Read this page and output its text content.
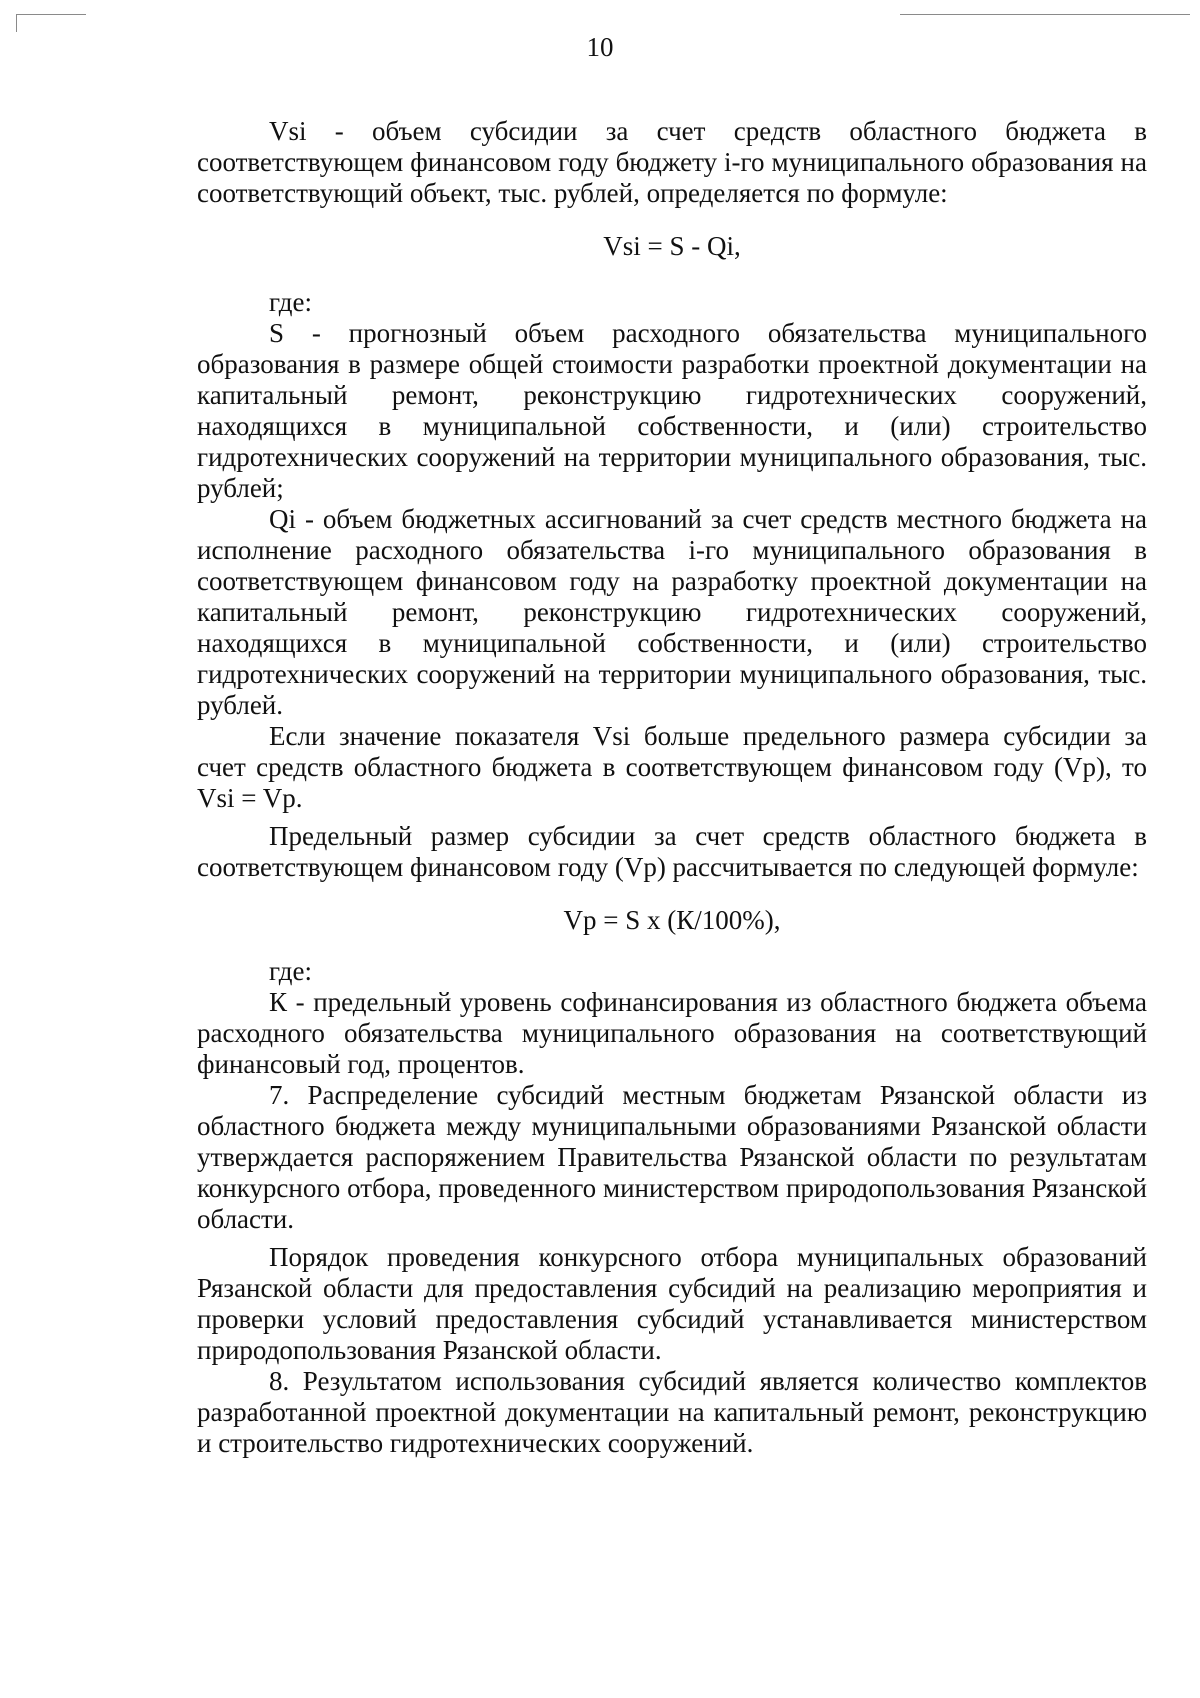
10

Vsi - объем субсидии за счет средств областного бюджета в соответствующем финансовом году бюджету i-го муниципального образования на соответствующий объект, тыс. рублей, определяется по формуле:

Vsi = S - Qi,

где:

S - прогнозный объем расходного обязательства муниципального образования в размере общей стоимости разработки проектной документации на капитальный ремонт, реконструкцию гидротехнических сооружений, находящихся в муниципальной собственности, и (или) строительство гидротехнических сооружений на территории муниципального образования, тыс. рублей;

Qi - объем бюджетных ассигнований за счет средств местного бюджета на исполнение расходного обязательства i-го муниципального образования в соответствующем финансовом году на разработку проектной документации на капитальный ремонт, реконструкцию гидротехнических сооружений, находящихся в муниципальной собственности, и (или) строительство гидротехнических сооружений на территории муниципального образования, тыс. рублей.

Если значение показателя Vsi больше предельного размера субсидии за счет средств областного бюджета в соответствующем финансовом году (Vp), то Vsi = Vp.

Предельный размер субсидии за счет средств областного бюджета в соответствующем финансовом году (Vp) рассчитывается по следующей формуле:

Vp = S x (К/100%),

где:

К - предельный уровень софинансирования из областного бюджета объема расходного обязательства муниципального образования на соответствующий финансовый год, процентов.

7. Распределение субсидий местным бюджетам Рязанской области из областного бюджета между муниципальными образованиями Рязанской области утверждается распоряжением Правительства Рязанской области по результатам конкурсного отбора, проведенного министерством природопользования Рязанской области.

Порядок проведения конкурсного отбора муниципальных образований Рязанской области для предоставления субсидий на реализацию мероприятия и проверки условий предоставления субсидий устанавливается министерством природопользования Рязанской области.

8. Результатом использования субсидий является количество комплектов разработанной проектной документации на капитальный ремонт, реконструкцию и строительство гидротехнических сооружений.
